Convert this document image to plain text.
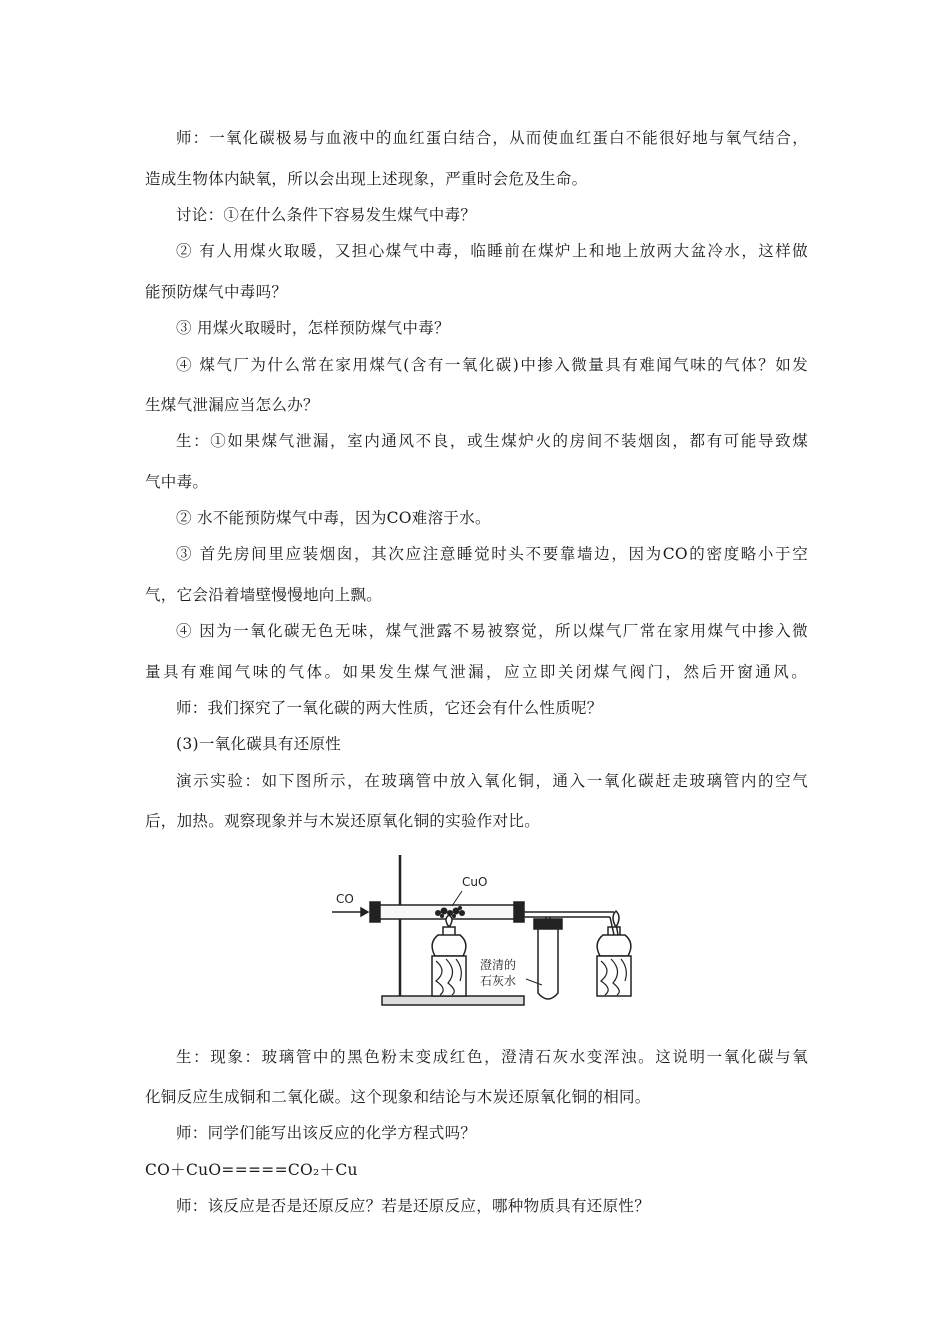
师：一氧化碳极易与血液中的血红蛋白结合，从而使血红蛋白不能很好地与氧气结合，
造成生物体内缺氧，所以会出现上述现象，严重时会危及生命。
讨论：①在什么条件下容易发生煤气中毒？
② 有人用煤火取暖，又担心煤气中毒，临睡前在煤炉上和地上放两大盆冷水，这样做
能预防煤气中毒吗？
③ 用煤火取暖时，怎样预防煤气中毒？
④ 煤气厂为什么常在家用煤气(含有一氧化碳)中掺入微量具有难闻气味的气体？如发
生煤气泄漏应当怎么办？
生：①如果煤气泄漏，室内通风不良，或生煤炉火的房间不装烟囱，都有可能导致煤
气中毒。
② 水不能预防煤气中毒，因为CO难溶于水。
③ 首先房间里应装烟囱，其次应注意睡觉时头不要靠墙边，因为CO的密度略小于空
气，它会沿着墙壁慢慢地向上飘。
④ 因为一氧化碳无色无味，煤气泄露不易被察觉，所以煤气厂常在家用煤气中掺入微
量具有难闻气味的气体。如果发生煤气泄漏，应立即关闭煤气阀门，然后开窗通风。
师：我们探究了一氧化碳的两大性质，它还会有什么性质呢？
(3)一氧化碳具有还原性
演示实验：如下图所示，在玻璃管中放入氧化铜，通入一氧化碳赶走玻璃管内的空气
后，加热。观察现象并与木炭还原氧化铜的实验作对比。
CO
CuO
澄清的
石灰水
生：现象：玻璃管中的黑色粉末变成红色，澄清石灰水变浑浊。这说明一氧化碳与氧
化铜反应生成铜和二氧化碳。这个现象和结论与木炭还原氧化铜的相同。
师：同学们能写出该反应的化学方程式吗？
CO＋CuO=====CO₂＋Cu
师：该反应是否是还原反应？若是还原反应，哪种物质具有还原性？
